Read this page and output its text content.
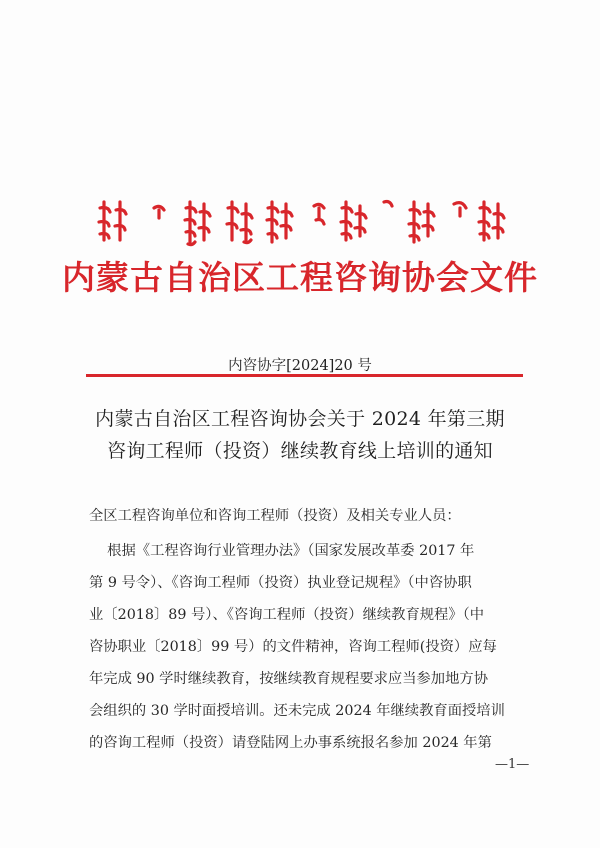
内蒙古自治区工程咨询协会文件
内咨协字[2024]20 号
内蒙古自治区工程咨询协会关于 2024 年第三期
咨询工程师（投资）继续教育线上培训的通知
全区工程咨询单位和咨询工程师（投资）及相关专业人员：
根据《工程咨询行业管理办法》（国家发展改革委 2017 年
第 9 号令）、《咨询工程师（投资）执业登记规程》（中咨协职
业〔2018〕89 号）、《咨询工程师（投资）继续教育规程》（中
咨协职业〔2018〕99 号）的文件精神，咨询工程师(投资）应每
年完成 90 学时继续教育，按继续教育规程要求应当参加地方协
会组织的 30 学时面授培训。还未完成 2024 年继续教育面授培训
的咨询工程师（投资）请登陆网上办事系统报名参加 2024 年第
—1—
